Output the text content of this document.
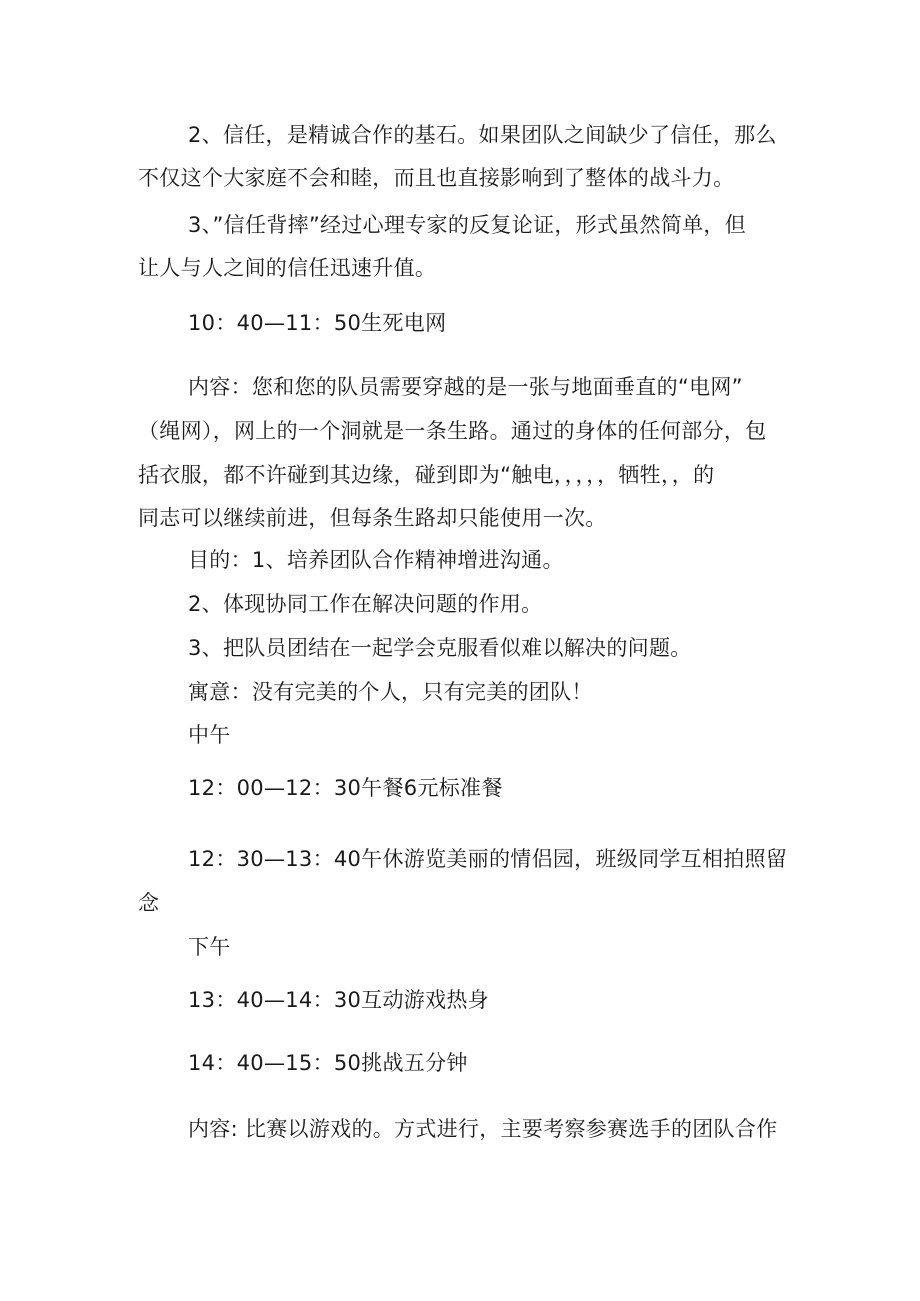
2、信任，是精诚合作的基石。如果团队之间缺少了信任，那么
不仅这个大家庭不会和睦，而且也直接影响到了整体的战斗力。
3、”信任背摔”经过心理专家的反复论证，形式虽然简单，但
让人与人之间的信任迅速升值。
10：40—11：50生死电网
内容：您和您的队员需要穿越的是一张与地面垂直的“电网”
（绳网），网上的一个洞就是一条生路。通过的身体的任何部分，包
括衣服，都不许碰到其边缘，碰到即为“触电，，，，，牺牲，，的
同志可以继续前进，但每条生路却只能使用一次。
目的：1、培养团队合作精神增进沟通。
2、体现协同工作在解决问题的作用。
3、把队员团结在一起学会克服看似难以解决的问题。
寓意：没有完美的个人，只有完美的团队！
中午
12：00—12：30午餐6元标准餐
12：30—13：40午休游览美丽的情侣园，班级同学互相拍照留
念
下午
13：40—14：30互动游戏热身
14：40—15：50挑战五分钟
内容: 比赛以游戏的。方式进行，主要考察参赛选手的团队合作
